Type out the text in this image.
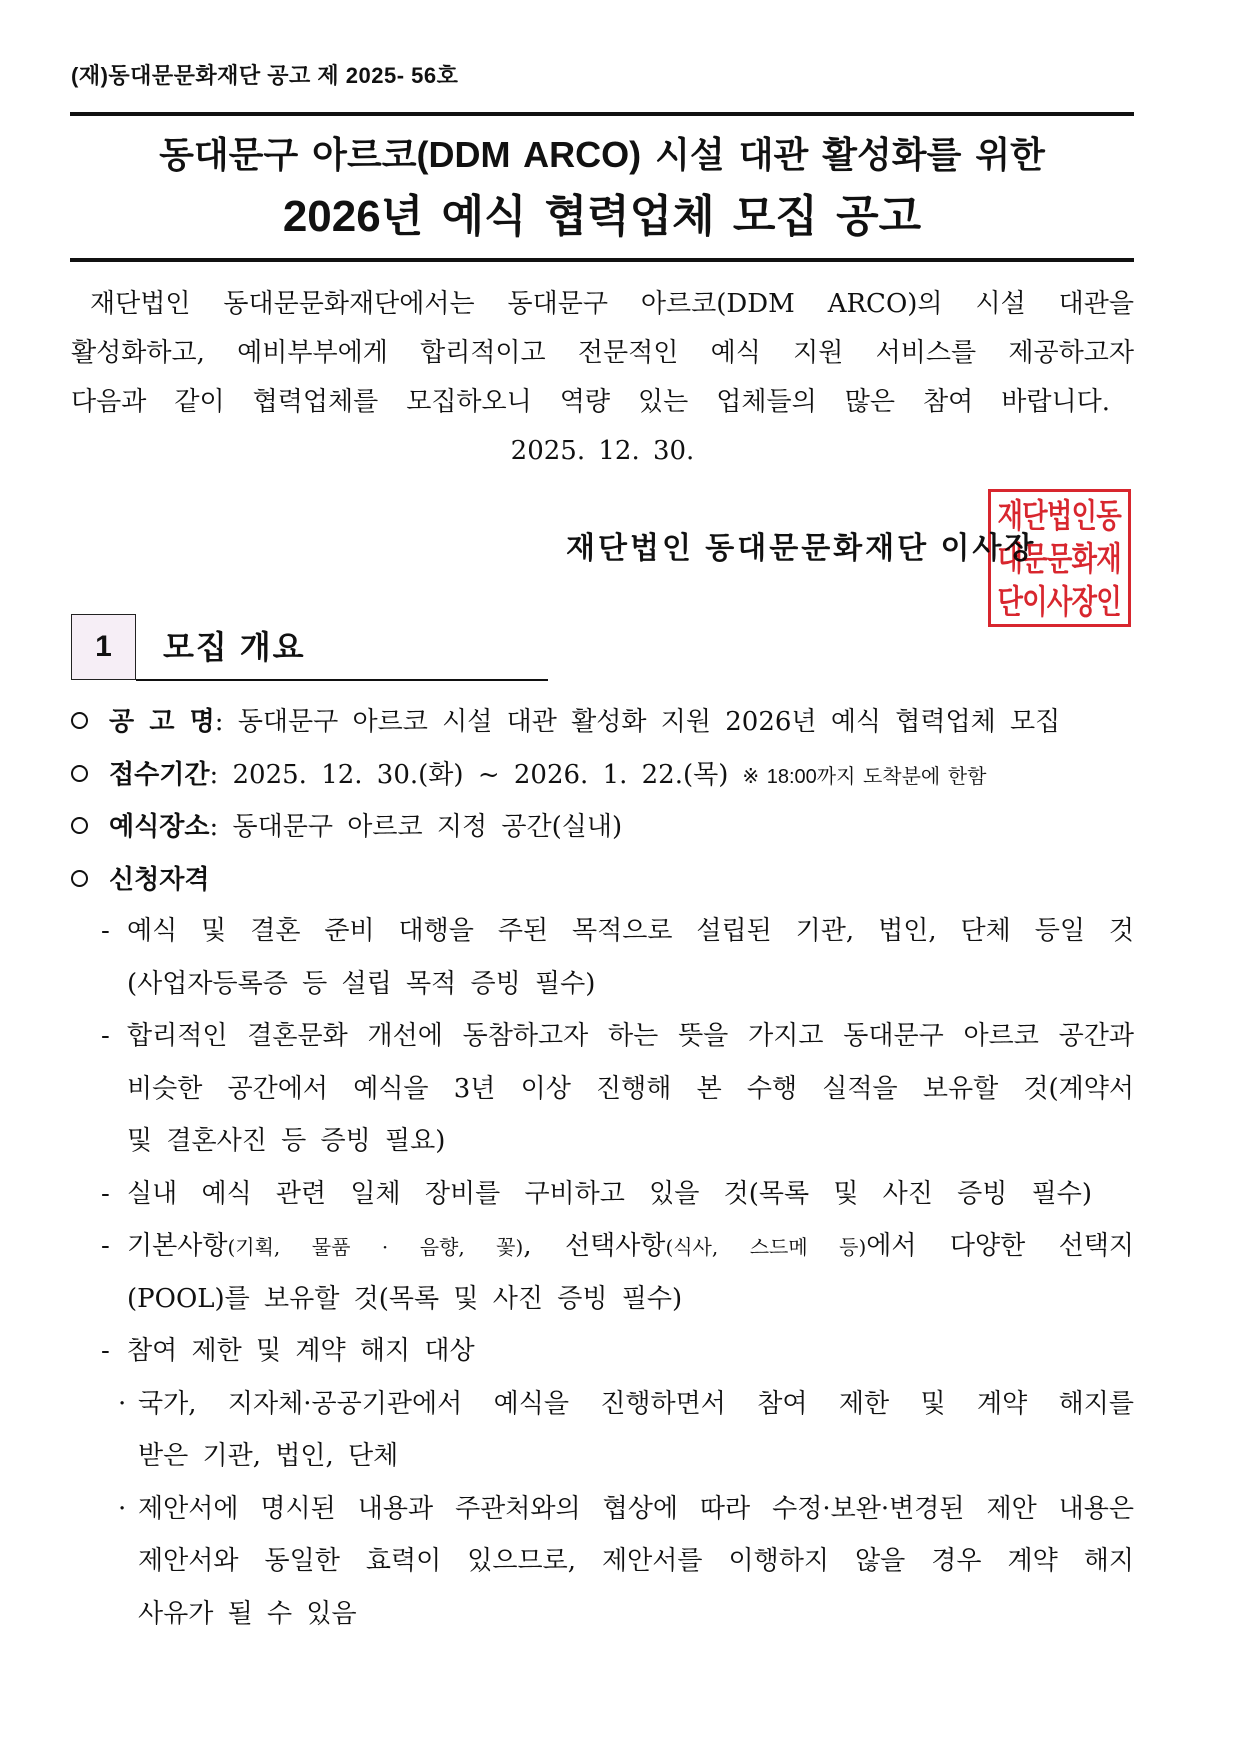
(재)동대문문화재단 공고 제 2025- 56호
동대문구 아르코(DDM ARCO) 시설 대관 활성화를 위한
2026년 예식 협력업체 모집 공고
재단법인 동대문문화재단에서는 동대문구 아르코(DDM ARCO)의 시설 대관을
활성화하고, 예비부부에게 합리적이고 전문적인 예식 지원 서비스를 제공하고자
다음과 같이 협력업체를 모집하오니 역량 있는 업체들의 많은 참여 바랍니다.
2025. 12. 30.
재단법인 동대문문화재단 이사장
재단법인동
대문문화재
단이사장인
1	모집 개요
공 고 명: 동대문구 아르코 시설 대관 활성화 지원 2026년 예식 협력업체 모집
접수기간: 2025. 12. 30.(화) ~ 2026. 1. 22.(목) ※ 18:00까지 도착분에 한함
예식장소: 동대문구 아르코 지정 공간(실내)
신청자격
- 예식 및 결혼 준비 대행을 주된 목적으로 설립된 기관, 법인, 단체 등일 것
(사업자등록증 등 설립 목적 증빙 필수)
- 합리적인 결혼문화 개선에 동참하고자 하는 뜻을 가지고 동대문구 아르코 공간과
비슷한 공간에서 예식을 3년 이상 진행해 본 수행 실적을 보유할 것(계약서
및 결혼사진 등 증빙 필요)
- 실내 예식 관련 일체 장비를 구비하고 있을 것(목록 및 사진 증빙 필수)
- 기본사항(기획, 물품 · 음향, 꽃), 선택사항(식사, 스드메 등)에서 다양한 선택지
(POOL)를 보유할 것(목록 및 사진 증빙 필수)
- 참여 제한 및 계약 해지 대상
· 국가, 지자체·공공기관에서 예식을 진행하면서 참여 제한 및 계약 해지를
받은 기관, 법인, 단체
· 제안서에 명시된 내용과 주관처와의 협상에 따라 수정·보완·변경된 제안 내용은
제안서와 동일한 효력이 있으므로, 제안서를 이행하지 않을 경우 계약 해지
사유가 될 수 있음
